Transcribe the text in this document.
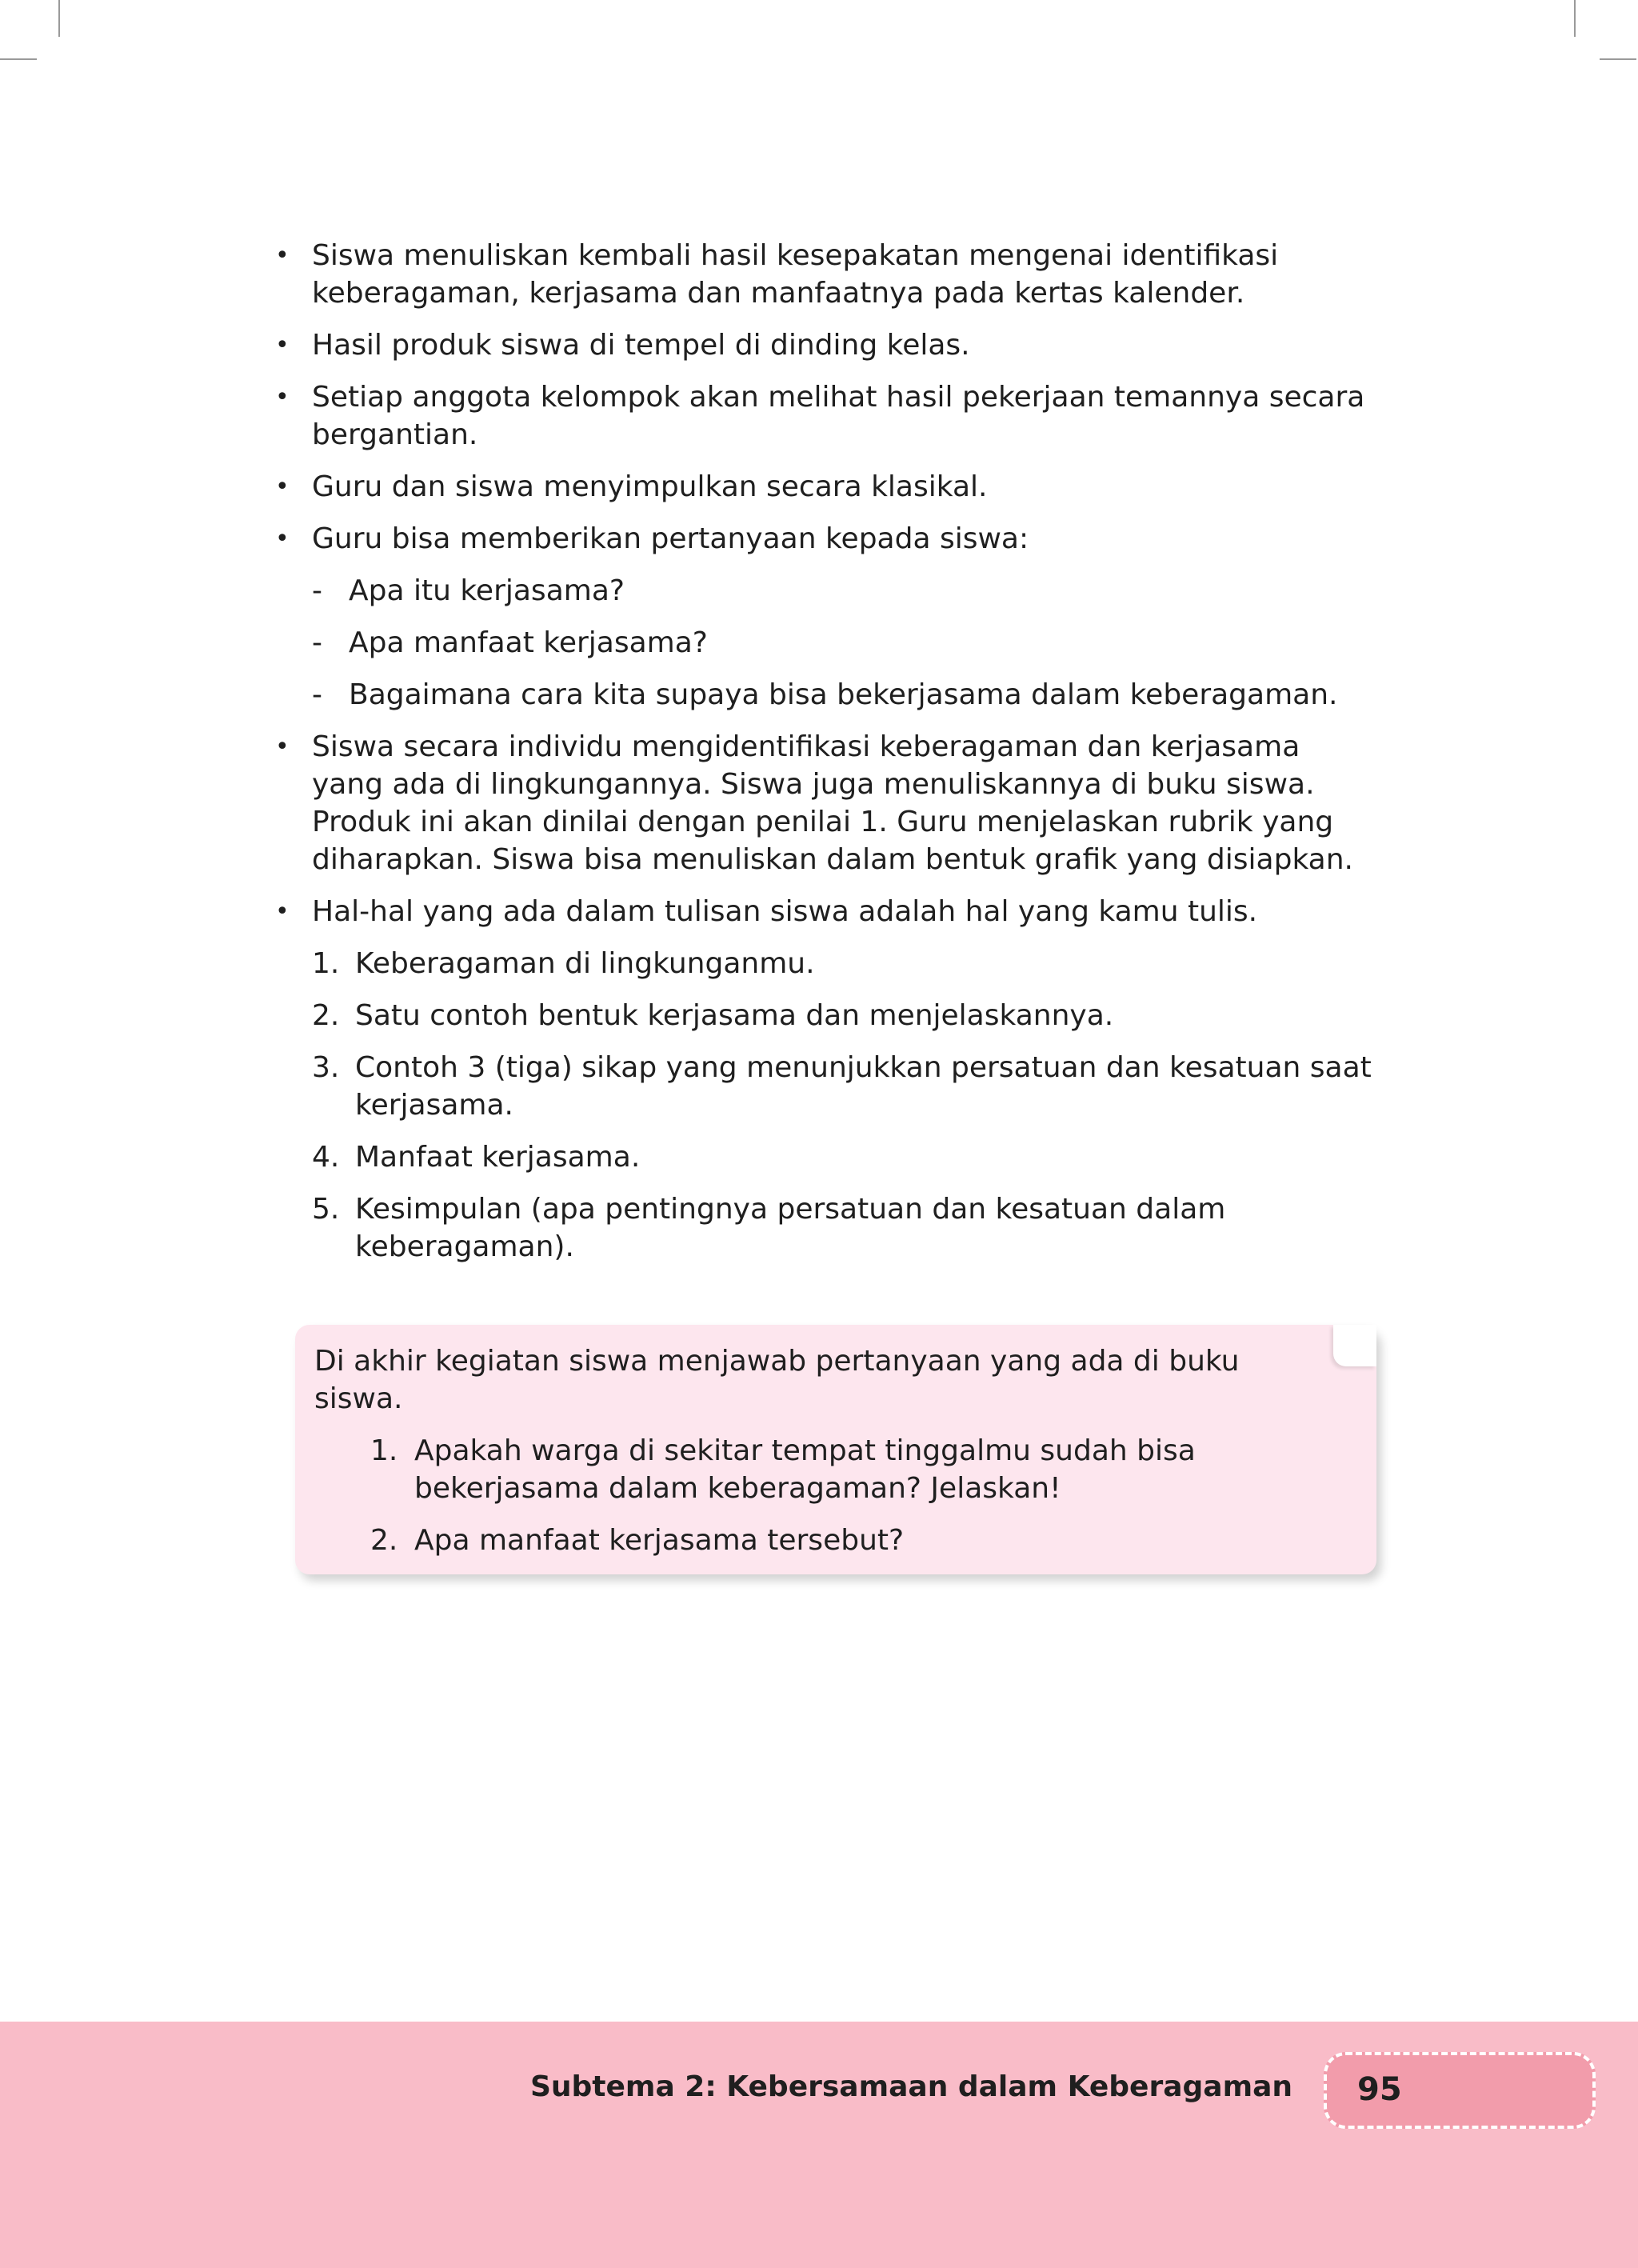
• Siswa menuliskan kembali hasil kesepakatan mengenai identifikasi keberagaman, kerjasama dan manfaatnya pada kertas kalender.
• Hasil produk siswa di tempel di dinding kelas.
• Setiap anggota kelompok akan melihat hasil pekerjaan temannya secara bergantian.
• Guru dan siswa menyimpulkan secara klasikal.
• Guru bisa memberikan pertanyaan kepada siswa:
- Apa itu kerjasama?
- Apa manfaat kerjasama?
- Bagaimana cara kita supaya bisa bekerjasama dalam keberagaman.
• Siswa secara individu mengidentifikasi keberagaman dan kerjasama yang ada di lingkungannya. Siswa juga menuliskannya di buku siswa. Produk ini akan dinilai dengan penilai 1. Guru menjelaskan rubrik yang diharapkan. Siswa bisa menuliskan dalam bentuk grafik yang disiapkan.
• Hal-hal yang ada dalam tulisan siswa adalah hal yang kamu tulis.
1. Keberagaman di lingkunganmu.
2. Satu contoh bentuk kerjasama dan menjelaskannya.
3. Contoh 3 (tiga) sikap yang menunjukkan persatuan dan kesatuan saat kerjasama.
4. Manfaat kerjasama.
5. Kesimpulan (apa pentingnya persatuan dan kesatuan dalam keberagaman).
Di akhir kegiatan siswa menjawab pertanyaan yang ada di buku siswa.
1. Apakah warga di sekitar tempat tinggalmu sudah bisa bekerjasama dalam keberagaman? Jelaskan!
2. Apa manfaat kerjasama tersebut?
Subtema 2: Kebersamaan dalam Keberagaman 95
